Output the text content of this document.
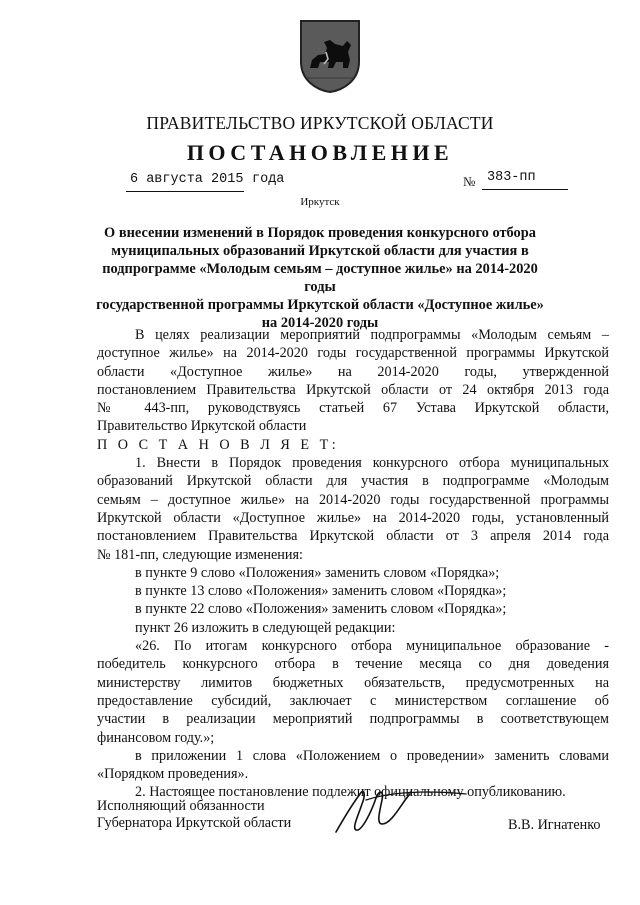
ПРАВИТЕЛЬСТВО ИРКУТСКОЙ ОБЛАСТИ
ПОСТАНОВЛЕНИЕ
6 августа 2015 года	№ 383-пп
Иркутск
О внесении изменений в Порядок проведения конкурсного отбора
муниципальных образований Иркутской области для участия в
подпрограмме «Молодым семьям – доступное жилье» на 2014-2020 годы
государственной программы Иркутской области «Доступное жилье»
на 2014-2020 годы

В целях реализации мероприятий подпрограммы «Молодым семьям –

доступное жилье» на 2014-2020 годы государственной программы Иркутской

области «Доступное жилье» на 2014-2020 годы, утвержденной

постановлением Правительства Иркутской области от 24 октября 2013 года

№ 443-пп, руководствуясь статьей 67 Устава Иркутской области,

Правительство Иркутской области

П О С Т А Н О В Л Я Е Т:

1. Внести в Порядок проведения конкурсного отбора муниципальных

образований Иркутской области для участия в подпрограмме «Молодым

семьям – доступное жилье» на 2014-2020 годы государственной программы

Иркутской области «Доступное жилье» на 2014-2020 годы, установленный

постановлением Правительства Иркутской области от 3 апреля 2014 года

№ 181-пп, следующие изменения:

в пункте 9 слово «Положения» заменить словом «Порядка»;

в пункте 13 слово «Положения» заменить словом «Порядка»;

в пункте 22 слово «Положения» заменить словом «Порядка»;

пункт 26 изложить в следующей редакции:

«26. По итогам конкурсного отбора муниципальное образование -

победитель конкурсного отбора в течение месяца со дня доведения

министерству лимитов бюджетных обязательств, предусмотренных на

предоставление субсидий, заключает с министерством соглашение об

участии в реализации мероприятий подпрограммы в соответствующем

финансовом году.»;

в приложении 1 слова «Положением о проведении» заменить словами

«Порядком проведения».

2. Настоящее постановление подлежит официальному опубликованию.

Исполняющий обязанности
Губернатора Иркутской области	В.В. Игнатенко
